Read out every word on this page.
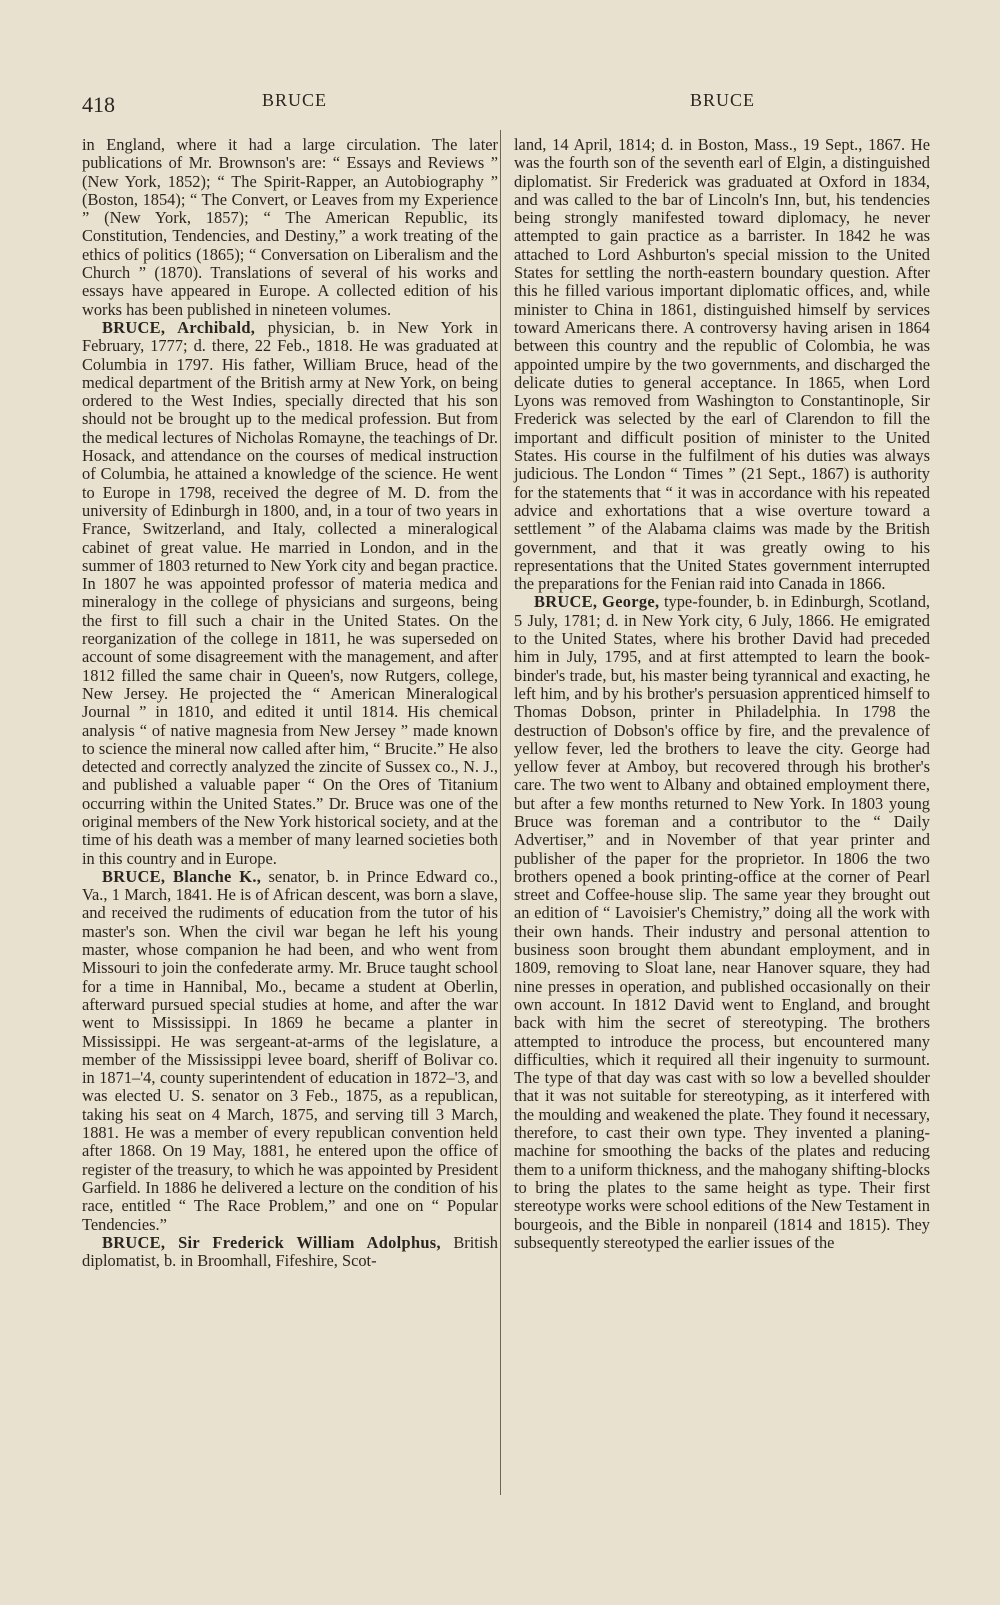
418	BRUCE	BRUCE

in England, where it had a large circulation. The later publications of Mr. Brownson's are: “ Essays and Reviews ” (New York, 1852); “ The Spirit-Rapper, an Autobiography ” (Boston, 1854); “ The Convert, or Leaves from my Experience ” (New York, 1857); “ The American Republic, its Constitution, Tendencies, and Destiny,” a work treating of the ethics of politics (1865); “ Conversation on Liberalism and the Church ” (1870). Translations of several of his works and essays have appeared in Europe. A collected edition of his works has been published in nineteen volumes.

BRUCE, Archibald, physician, b. in New York in February, 1777; d. there, 22 Feb., 1818. He was graduated at Columbia in 1797. His father, William Bruce, head of the medical department of the British army at New York, on being ordered to the West Indies, specially directed that his son should not be brought up to the medical profession. But from the medical lectures of Nicholas Romayne, the teachings of Dr. Hosack, and attendance on the courses of medical instruction of Columbia, he attained a knowledge of the science. He went to Europe in 1798, received the degree of M. D. from the university of Edinburgh in 1800, and, in a tour of two years in France, Switzerland, and Italy, collected a mineralogical cabinet of great value. He married in London, and in the summer of 1803 returned to New York city and began practice. In 1807 he was appointed professor of materia medica and mineralogy in the college of physicians and surgeons, being the first to fill such a chair in the United States. On the reorganization of the college in 1811, he was superseded on account of some disagreement with the management, and after 1812 filled the same chair in Queen's, now Rutgers, college, New Jersey. He projected the “ American Mineralogical Journal ” in 1810, and edited it until 1814. His chemical analysis “ of native magnesia from New Jersey ” made known to science the mineral now called after him, “ Brucite.” He also detected and correctly analyzed the zincite of Sussex co., N. J., and published a valuable paper “ On the Ores of Titanium occurring within the United States.” Dr. Bruce was one of the original members of the New York historical society, and at the time of his death was a member of many learned societies both in this country and in Europe.

BRUCE, Blanche K., senator, b. in Prince Edward co., Va., 1 March, 1841. He is of African descent, was born a slave, and received the rudiments of education from the tutor of his master's son. When the civil war began he left his young master, whose companion he had been, and who went from Missouri to join the confederate army. Mr. Bruce taught school for a time in Hannibal, Mo., became a student at Oberlin, afterward pursued special studies at home, and after the war went to Mississippi. In 1869 he became a planter in Mississippi. He was sergeant-at-arms of the legislature, a member of the Mississippi levee board, sheriff of Bolivar co. in 1871–'4, county superintendent of education in 1872–'3, and was elected U. S. senator on 3 Feb., 1875, as a republican, taking his seat on 4 March, 1875, and serving till 3 March, 1881. He was a member of every republican convention held after 1868. On 19 May, 1881, he entered upon the office of register of the treasury, to which he was appointed by President Garfield. In 1886 he delivered a lecture on the condition of his race, entitled “ The Race Problem,” and one on “ Popular Tendencies.”

BRUCE, Sir Frederick William Adolphus, British diplomatist, b. in Broomhall, Fifeshire, Scot-

land, 14 April, 1814; d. in Boston, Mass., 19 Sept., 1867. He was the fourth son of the seventh earl of Elgin, a distinguished diplomatist. Sir Frederick was graduated at Oxford in 1834, and was called to the bar of Lincoln's Inn, but, his tendencies being strongly manifested toward diplomacy, he never attempted to gain practice as a barrister. In 1842 he was attached to Lord Ashburton's special mission to the United States for settling the north-eastern boundary question. After this he filled various important diplomatic offices, and, while minister to China in 1861, distinguished himself by services toward Americans there. A controversy having arisen in 1864 between this country and the republic of Colombia, he was appointed umpire by the two governments, and discharged the delicate duties to general acceptance. In 1865, when Lord Lyons was removed from Washington to Constantinople, Sir Frederick was selected by the earl of Clarendon to fill the important and difficult position of minister to the United States. His course in the fulfilment of his duties was always judicious. The London “ Times ” (21 Sept., 1867) is authority for the statements that “ it was in accordance with his repeated advice and exhortations that a wise overture toward a settlement ” of the Alabama claims was made by the British government, and that it was greatly owing to his representations that the United States government interrupted the preparations for the Fenian raid into Canada in 1866.

BRUCE, George, type-founder, b. in Edinburgh, Scotland, 5 July, 1781; d. in New York city, 6 July, 1866. He emigrated to the United States, where his brother David had preceded him in July, 1795, and at first attempted to learn the book-binder's trade, but, his master being tyrannical and exacting, he left him, and by his brother's persuasion apprenticed himself to Thomas Dobson, printer in Philadelphia. In 1798 the destruction of Dobson's office by fire, and the prevalence of yellow fever, led the brothers to leave the city. George had yellow fever at Amboy, but recovered through his brother's care. The two went to Albany and obtained employment there, but after a few months returned to New York. In 1803 young Bruce was foreman and a contributor to the “ Daily Advertiser,” and in November of that year printer and publisher of the paper for the proprietor. In 1806 the two brothers opened a book printing-office at the corner of Pearl street and Coffee-house slip. The same year they brought out an edition of “ Lavoisier's Chemistry,” doing all the work with their own hands. Their industry and personal attention to business soon brought them abundant employment, and in 1809, removing to Sloat lane, near Hanover square, they had nine presses in operation, and published occasionally on their own account. In 1812 David went to England, and brought back with him the secret of stereotyping. The brothers attempted to introduce the process, but encountered many difficulties, which it required all their ingenuity to surmount. The type of that day was cast with so low a bevelled shoulder that it was not suitable for stereotyping, as it interfered with the moulding and weakened the plate. They found it necessary, therefore, to cast their own type. They invented a planing-machine for smoothing the backs of the plates and reducing them to a uniform thickness, and the mahogany shifting-blocks to bring the plates to the same height as type. Their first stereotype works were school editions of the New Testament in bourgeois, and the Bible in nonpareil (1814 and 1815). They subsequently stereotyped the earlier issues of the
